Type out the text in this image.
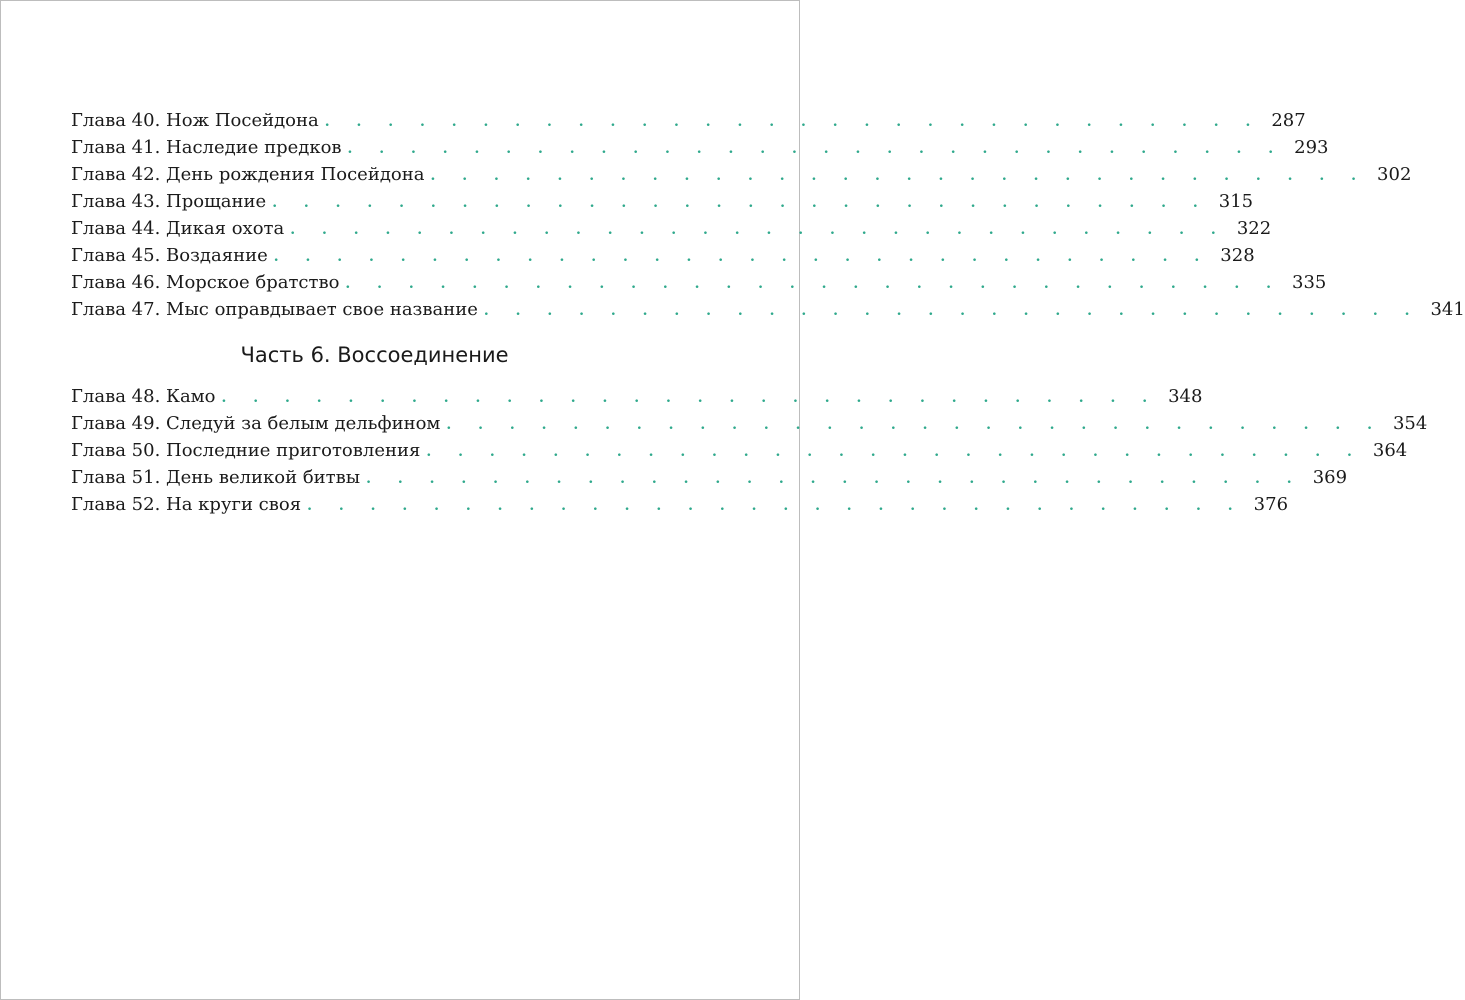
Глава 40. Нож Посейдона . . . . . . . . . . . . . . . . . . . . . . . . . . . . . . 287
Глава 41. Наследие предков . . . . . . . . . . . . . . . . . . . . . . . . . . . . . . 293
Глава 42. День рождения Посейдона . . . . . . . . . . . . . . . . . . . . . . . . . . . . . . 302
Глава 43. Прощание . . . . . . . . . . . . . . . . . . . . . . . . . . . . . . 315
Глава 44. Дикая охота . . . . . . . . . . . . . . . . . . . . . . . . . . . . . . 322
Глава 45. Воздаяние . . . . . . . . . . . . . . . . . . . . . . . . . . . . . . 328
Глава 46. Морское братство . . . . . . . . . . . . . . . . . . . . . . . . . . . . . . 335
Глава 47. Мыс оправдывает свое название . . . . . . . . . . . . . . . . . . . . . . . . . . . . . . 341
Часть 6. Воссоединение
Глава 48. Камо . . . . . . . . . . . . . . . . . . . . . . . . . . . . . . 348
Глава 49. Следуй за белым дельфином . . . . . . . . . . . . . . . . . . . . . . . . . . . . . . 354
Глава 50. Последние приготовления . . . . . . . . . . . . . . . . . . . . . . . . . . . . . . 364
Глава 51. День великой битвы . . . . . . . . . . . . . . . . . . . . . . . . . . . . . . 369
Глава 52. На круги своя . . . . . . . . . . . . . . . . . . . . . . . . . . . . . . 376
